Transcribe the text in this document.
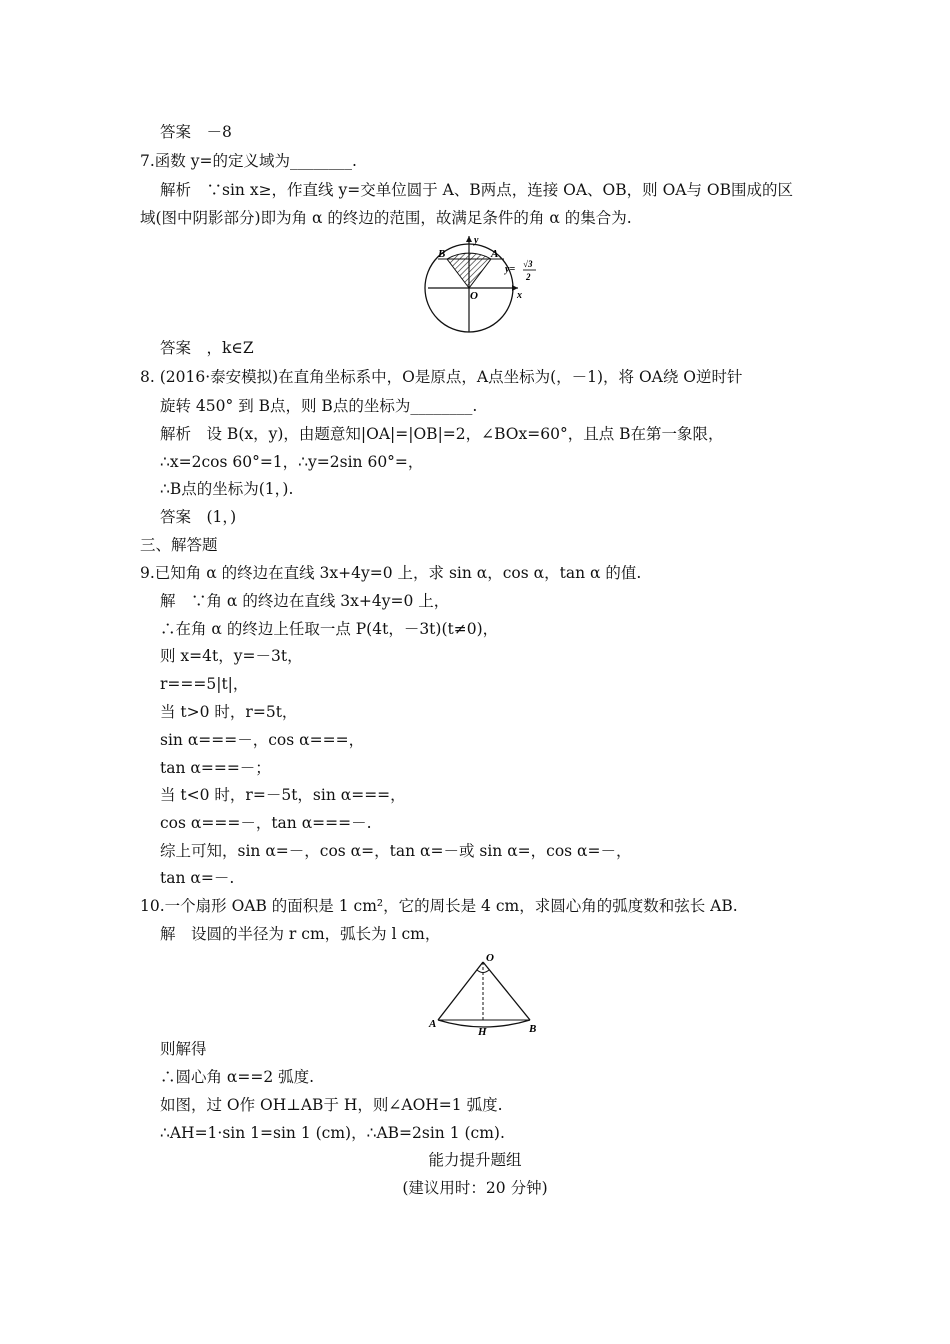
答案　－8
7.函数 y=的定义域为________.
解析　∵sin x≥，作直线 y=交单位圆于 A、B两点，连接 OA、OB，则 OA与 OB围成的区
域(图中阴影部分)即为角 α 的终边的范围，故满足条件的角 α 的集合为.
B	A
y
O	x
y= √3
2
答案　，k∈Z
8. (2016·泰安模拟)在直角坐标系中，O是原点，A点坐标为(，－1)，将 OA绕 O逆时针
旋转 450° 到 B点，则 B点的坐标为________.
解析　设 B(x，y)，由题意知|OA|=|OB|=2，∠BOx=60°，且点 B在第一象限，
∴x=2cos 60°=1，∴y=2sin 60°=，
∴B点的坐标为(1，).
答案　(1，)
三、解答题
9.已知角 α 的终边在直线 3x+4y=0 上，求 sin α，cos α，tan α 的值.
解　∵角 α 的终边在直线 3x+4y=0 上，
∴在角 α 的终边上任取一点 P(4t，－3t)(t≠0)，
则 x=4t，y=－3t，
r===5|t|，
当 t>0 时，r=5t，
sin α===－，cos α===，
tan α===－；
当 t<0 时，r=－5t，sin α===，
cos α===－，tan α===－.
综上可知，sin α=－，cos α=，tan α=－或 sin α=，cos α=－，
tan α=－.
10.一个扇形 OAB 的面积是 1 cm²，它的周长是 4 cm，求圆心角的弧度数和弦长 AB.
解　设圆的半径为 r cm，弧长为 l cm，
O
A
H	B
则解得
∴圆心角 α==2 弧度.
如图，过 O作 OH⊥AB于 H，则∠AOH=1 弧度.
∴AH=1·sin 1=sin 1 (cm)，∴AB=2sin 1 (cm).
能力提升题组
(建议用时：20 分钟)
